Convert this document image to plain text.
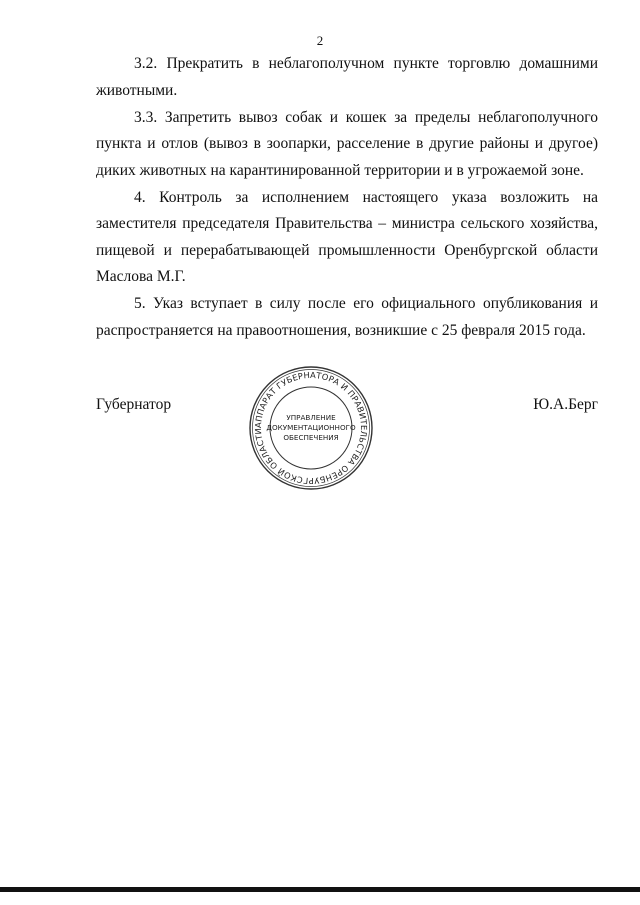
2

3.2. Прекратить в неблагополучном пункте торговлю домашними животными.

3.3. Запретить вывоз собак и кошек за пределы неблагополучного пункта и отлов (вывоз в зоопарки, расселение в другие районы и другое) диких животных на карантинированной территории и в угрожаемой зоне.

4. Контроль за исполнением настоящего указа возложить на заместителя председателя Правительства – министра сельского хозяйства, пищевой и перерабатывающей промышленности Оренбургской области Маслова М.Г.

5. Указ вступает в силу после его официального опубликования и распространяется на правоотношения, возникшие с 25 февраля 2015 года.

Губернатор	Ю.А.Берг
АППАРАТ ГУБЕРНАТОРА И ПРАВИТЕЛЬСТВА ОРЕНБУРГСКОЙ ОБЛАСТИ
УПРАВЛЕНИЕ
ДОКУМЕНТАЦИОННОГО
ОБЕСПЕЧЕНИЯ
